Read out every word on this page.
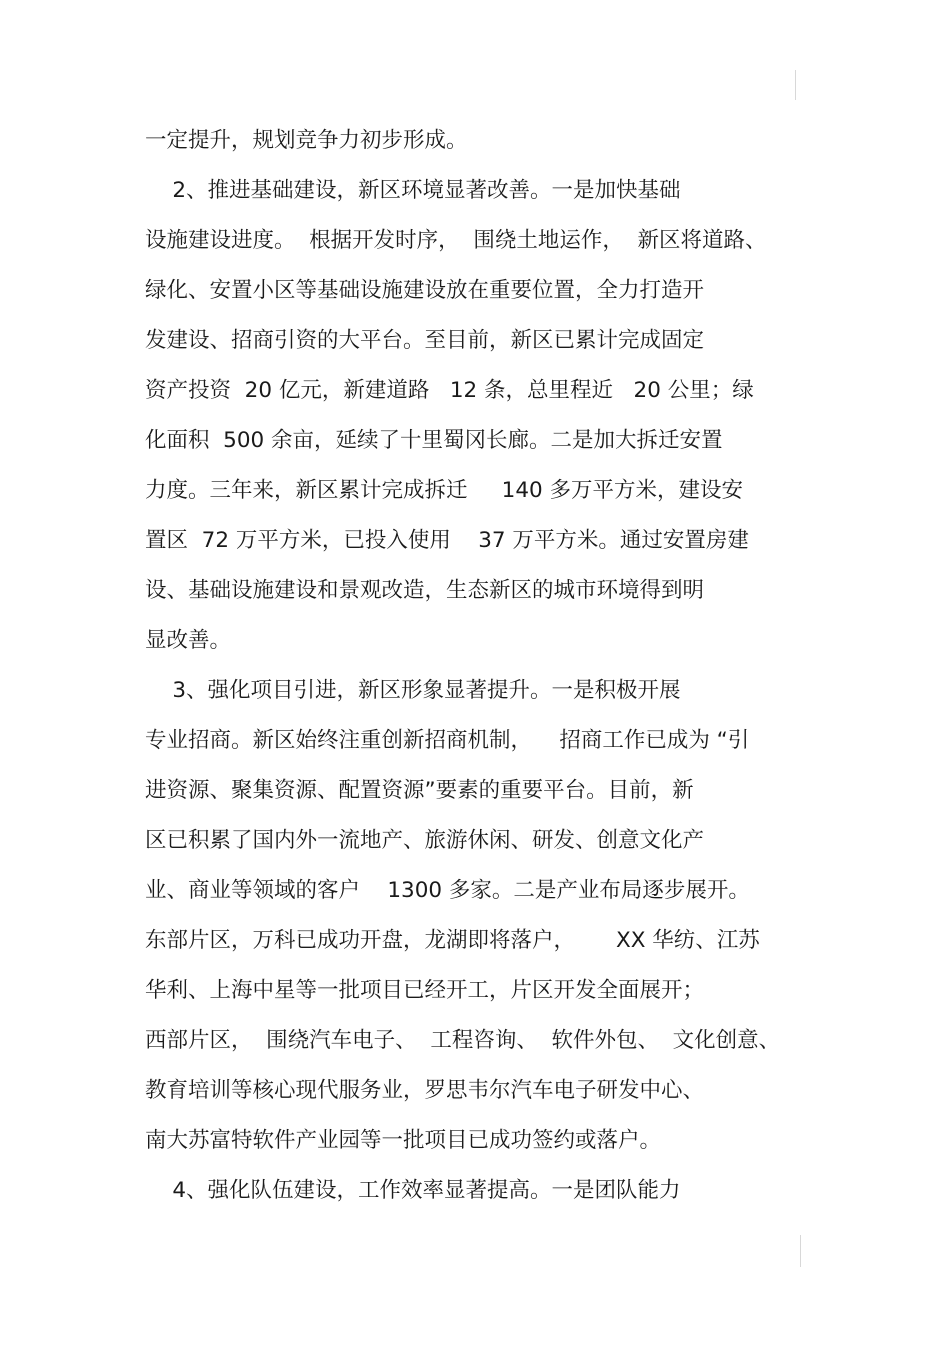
一定提升，规划竞争力初步形成。
2、推进基础建设，新区环境显著改善。一是加快基础
设施建设进度。  根据开发时序，  围绕土地运作，  新区将道路、
绿化、安置小区等基础设施建设放在重要位置，全力打造开
发建设、招商引资的大平台。至目前，新区已累计完成固定
资产投资  20 亿元，新建道路   12 条，总里程近   20 公里；绿
化面积  500 余亩，延续了十里蜀冈长廊。二是加大拆迁安置
力度。三年来，新区累计完成拆迁     140 多万平方米，建设安
置区  72 万平方米，已投入使用    37 万平方米。通过安置房建
设、基础设施建设和景观改造，生态新区的城市环境得到明
显改善。
3、强化项目引进，新区形象显著提升。一是积极开展
专业招商。新区始终注重创新招商机制，    招商工作已成为 “引
进资源、聚集资源、配置资源”要素的重要平台。目前，新
区已积累了国内外一流地产、旅游休闲、研发、创意文化产
业、商业等领域的客户    1300 多家。二是产业布局逐步展开。
东部片区，万科已成功开盘，龙湖即将落户，      XX 华纺、江苏
华利、上海中星等一批项目已经开工，片区开发全面展开；
西部片区，  围绕汽车电子、  工程咨询、  软件外包、  文化创意、
教育培训等核心现代服务业，罗思韦尔汽车电子研发中心、
南大苏富特软件产业园等一批项目已成功签约或落户。
4、强化队伍建设，工作效率显著提高。一是团队能力
